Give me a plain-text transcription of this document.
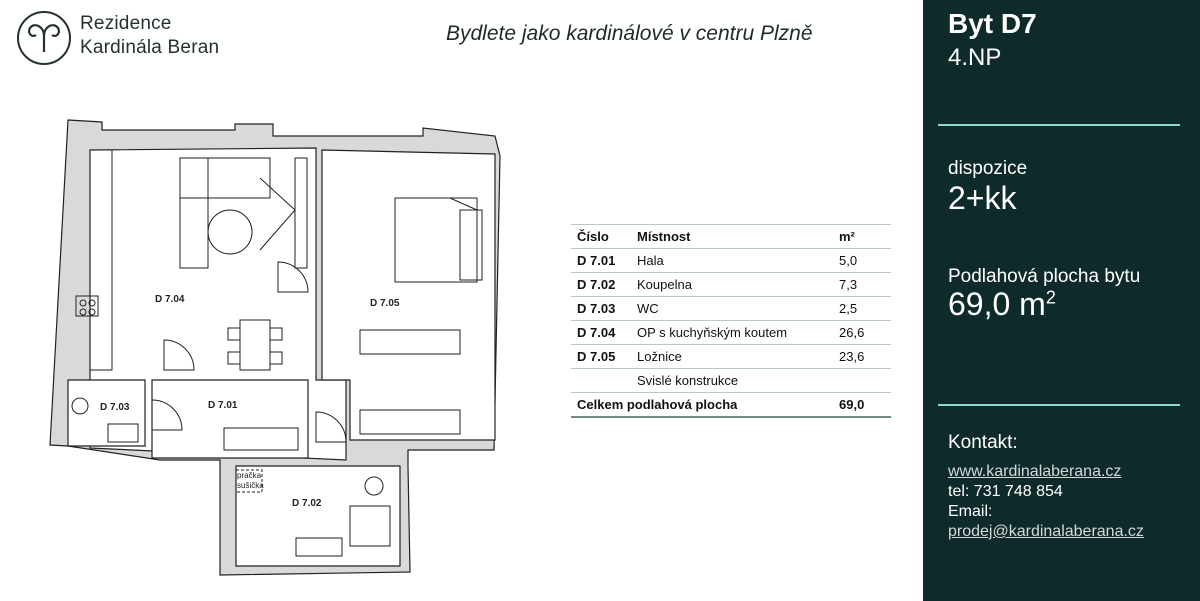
Rezidence
Kardinála Beran
Bydlete jako kardinálové v centru Plzně
D 7.04	D 7.05
D 7.03	D 7.01
D 7.02
pračka
sušička
Číslo	Místnost	m²
D 7.01	Hala	5,0
D 7.02	Koupelna	7,3
D 7.03	WC	2,5
D 7.04	OP s kuchyňským koutem	26,6
D 7.05	Ložnice	23,6
	Svislé konstrukce	
Celkem podlahová plocha		69,0
Byt D7
4.NP
dispozice
2+kk
Podlahová plocha bytu
69,0 $m^2$
Kontakt:
www.kardinalaberana.cz
tel: 731 748 854
Email:
prodej@kardinalaberana.cz
